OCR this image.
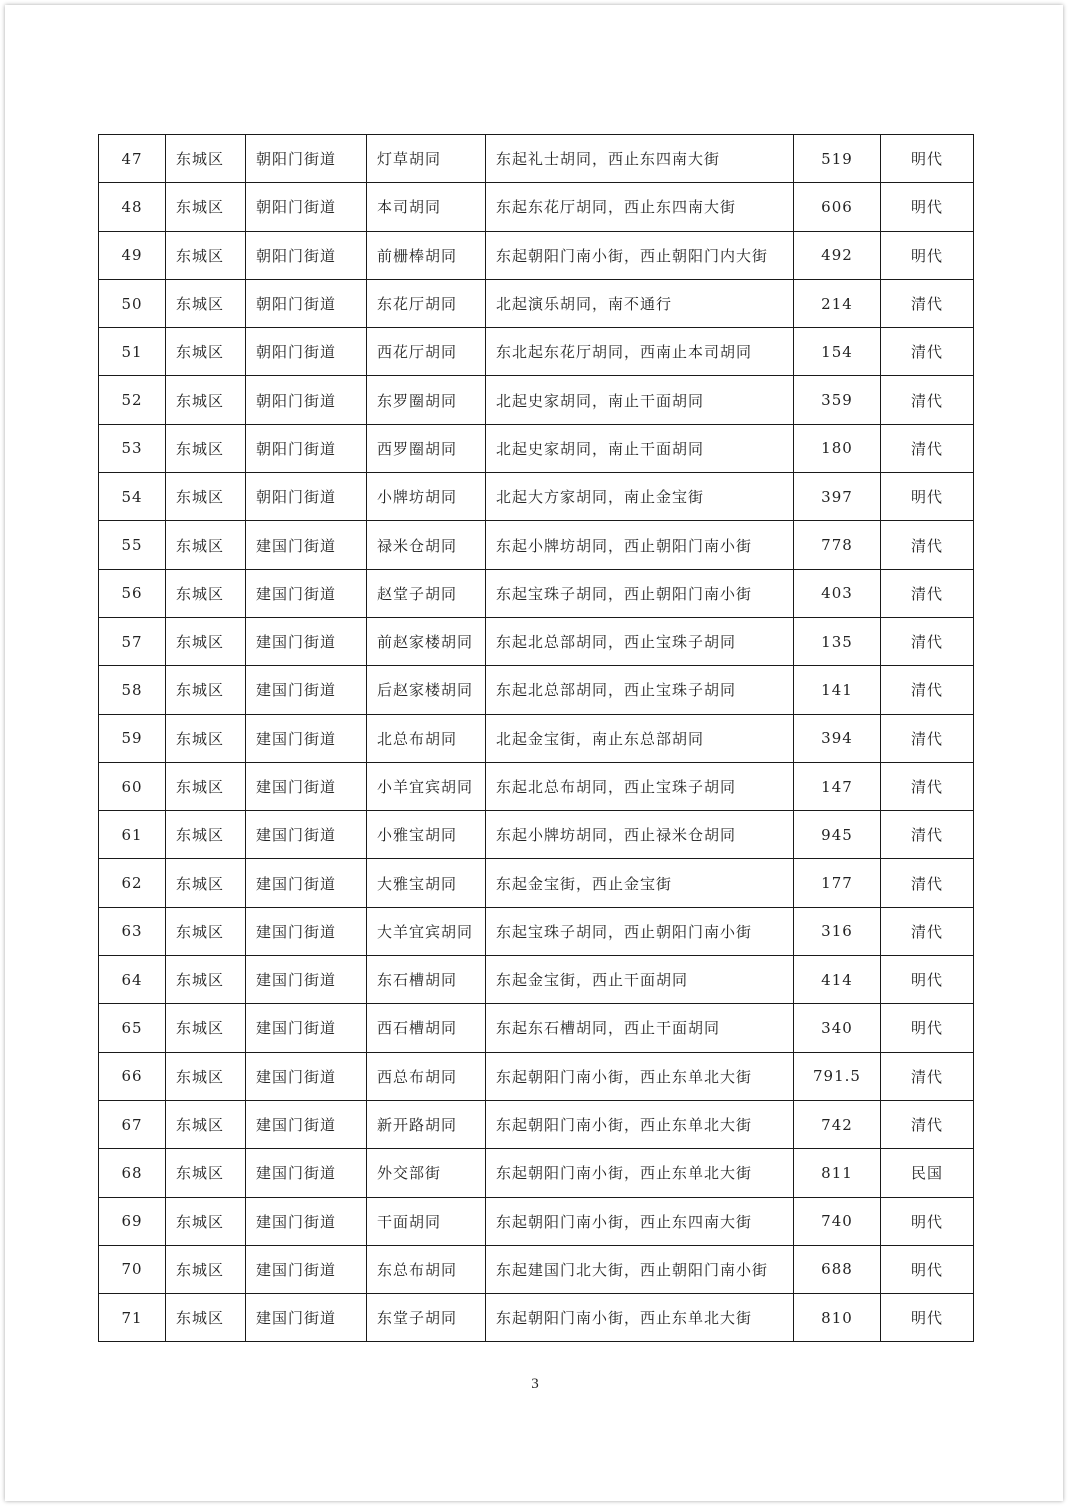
47	东城区	朝阳门街道	灯草胡同	东起礼士胡同，西止东四南大街	519	明代
48	东城区	朝阳门街道	本司胡同	东起东花厅胡同，西止东四南大街	606	明代
49	东城区	朝阳门街道	前栅棒胡同	东起朝阳门南小街，西止朝阳门内大街	492	明代
50	东城区	朝阳门街道	东花厅胡同	北起演乐胡同，南不通行	214	清代
51	东城区	朝阳门街道	西花厅胡同	东北起东花厅胡同，西南止本司胡同	154	清代
52	东城区	朝阳门街道	东罗圈胡同	北起史家胡同，南止干面胡同	359	清代
53	东城区	朝阳门街道	西罗圈胡同	北起史家胡同，南止干面胡同	180	清代
54	东城区	朝阳门街道	小牌坊胡同	北起大方家胡同，南止金宝街	397	明代
55	东城区	建国门街道	禄米仓胡同	东起小牌坊胡同，西止朝阳门南小街	778	清代
56	东城区	建国门街道	赵堂子胡同	东起宝珠子胡同，西止朝阳门南小街	403	清代
57	东城区	建国门街道	前赵家楼胡同	东起北总部胡同，西止宝珠子胡同	135	清代
58	东城区	建国门街道	后赵家楼胡同	东起北总部胡同，西止宝珠子胡同	141	清代
59	东城区	建国门街道	北总布胡同	北起金宝街，南止东总部胡同	394	清代
60	东城区	建国门街道	小羊宜宾胡同	东起北总布胡同，西止宝珠子胡同	147	清代
61	东城区	建国门街道	小雅宝胡同	东起小牌坊胡同，西止禄米仓胡同	945	清代
62	东城区	建国门街道	大雅宝胡同	东起金宝街，西止金宝街	177	清代
63	东城区	建国门街道	大羊宜宾胡同	东起宝珠子胡同，西止朝阳门南小街	316	清代
64	东城区	建国门街道	东石槽胡同	东起金宝街，西止干面胡同	414	明代
65	东城区	建国门街道	西石槽胡同	东起东石槽胡同，西止干面胡同	340	明代
66	东城区	建国门街道	西总布胡同	东起朝阳门南小街，西止东单北大街	791.5	清代
67	东城区	建国门街道	新开路胡同	东起朝阳门南小街，西止东单北大街	742	清代
68	东城区	建国门街道	外交部街	东起朝阳门南小街，西止东单北大街	811	民国
69	东城区	建国门街道	干面胡同	东起朝阳门南小街，西止东四南大街	740	明代
70	东城区	建国门街道	东总布胡同	东起建国门北大街，西止朝阳门南小街	688	明代
71	东城区	建国门街道	东堂子胡同	东起朝阳门南小街，西止东单北大街	810	明代
3
